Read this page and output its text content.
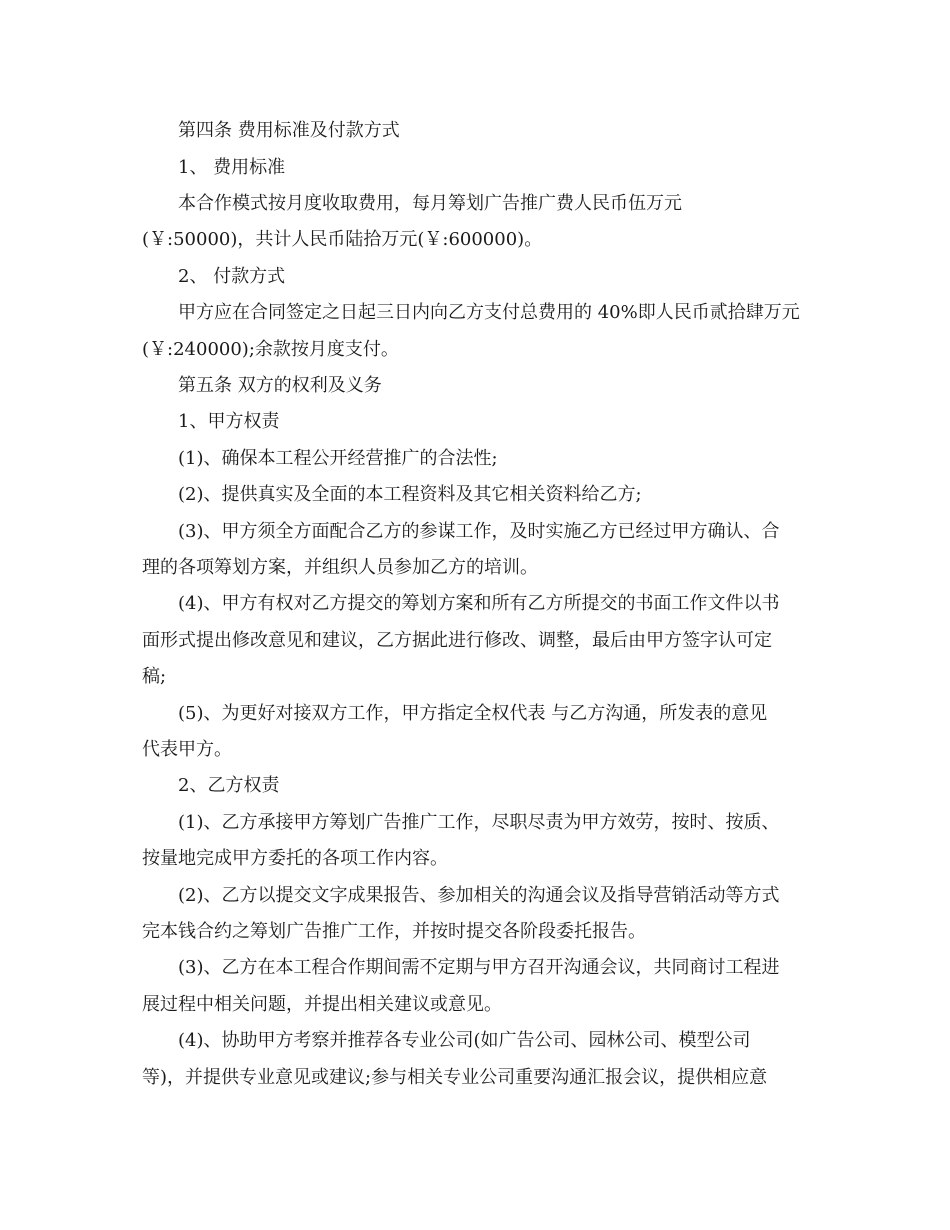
第四条 费用标准及付款方式
1、 费用标准
本合作模式按月度收取费用，每月筹划广告推广费人民币伍万元
(￥:50000)，共计人民币陆拾万元(￥:600000)。
2、 付款方式
甲方应在合同签定之日起三日内向乙方支付总费用的 40%即人民币贰拾肆万元
(￥:240000);余款按月度支付。
第五条 双方的权利及义务
1、甲方权责
(1)、确保本工程公开经营推广的合法性;
(2)、提供真实及全面的本工程资料及其它相关资料给乙方;
(3)、甲方须全方面配合乙方的参谋工作，及时实施乙方已经过甲方确认、合
理的各项筹划方案，并组织人员参加乙方的培训。
(4)、甲方有权对乙方提交的筹划方案和所有乙方所提交的书面工作文件以书
面形式提出修改意见和建议，乙方据此进行修改、调整，最后由甲方签字认可定
稿;
(5)、为更好对接双方工作，甲方指定全权代表 与乙方沟通，所发表的意见
代表甲方。
2、乙方权责
(1)、乙方承接甲方筹划广告推广工作，尽职尽责为甲方效劳，按时、按质、
按量地完成甲方委托的各项工作内容。
(2)、乙方以提交文字成果报告、参加相关的沟通会议及指导营销活动等方式
完本钱合约之筹划广告推广工作，并按时提交各阶段委托报告。
(3)、乙方在本工程合作期间需不定期与甲方召开沟通会议，共同商讨工程进
展过程中相关问题，并提出相关建议或意见。
(4)、协助甲方考察并推荐各专业公司(如广告公司、园林公司、模型公司
等)，并提供专业意见或建议;参与相关专业公司重要沟通汇报会议，提供相应意
